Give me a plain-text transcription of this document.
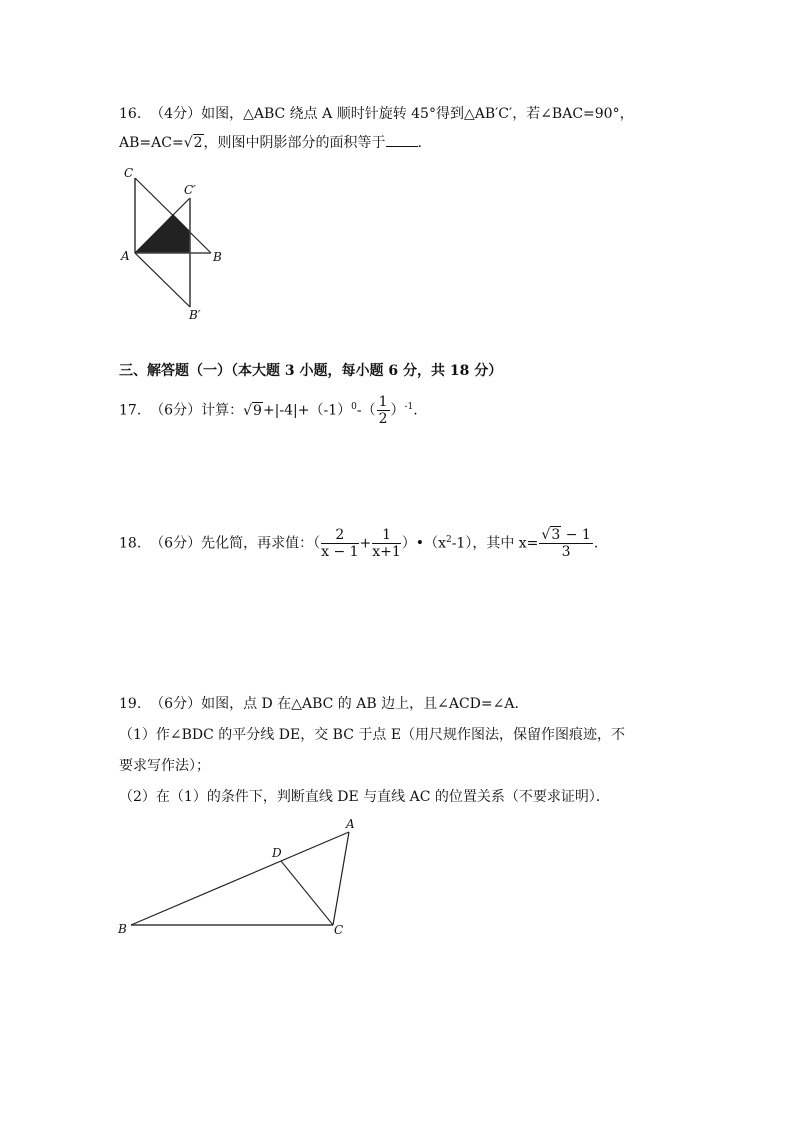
16. （4分）如图，△ABC 绕点 A 顺时针旋转 45°得到△AB′C′，若∠BAC=90°，
AB=AC=√2，则图中阴影部分的面积等于 .
C
C′
A	B
B′
A
D
B	C
三、解答题（一）（本大题 3 小题，每小题 6 分，共 18 分）
17. （6分）计算：$√9+|-4|+(-1)^0-( \frac{1}{2} )^{-1}$.
18. （6分）先化简，再求值：（ $\frac{2}{x - 1} + \frac{1}{x+1}$ ）$•(x^2-1)$，其中 $x= \frac{√3 - 1}{3}$ .
19. （6分）如图，点 D 在△ABC 的 AB 边上，且∠ACD=∠A．
（1）作∠BDC 的平分线 DE，交 BC 于点 E（用尺规作图法，保留作图痕迹，不
要求写作法）；
（2）在（1）的条件下，判断直线 DE 与直线 AC 的位置关系（不要求证明）．
